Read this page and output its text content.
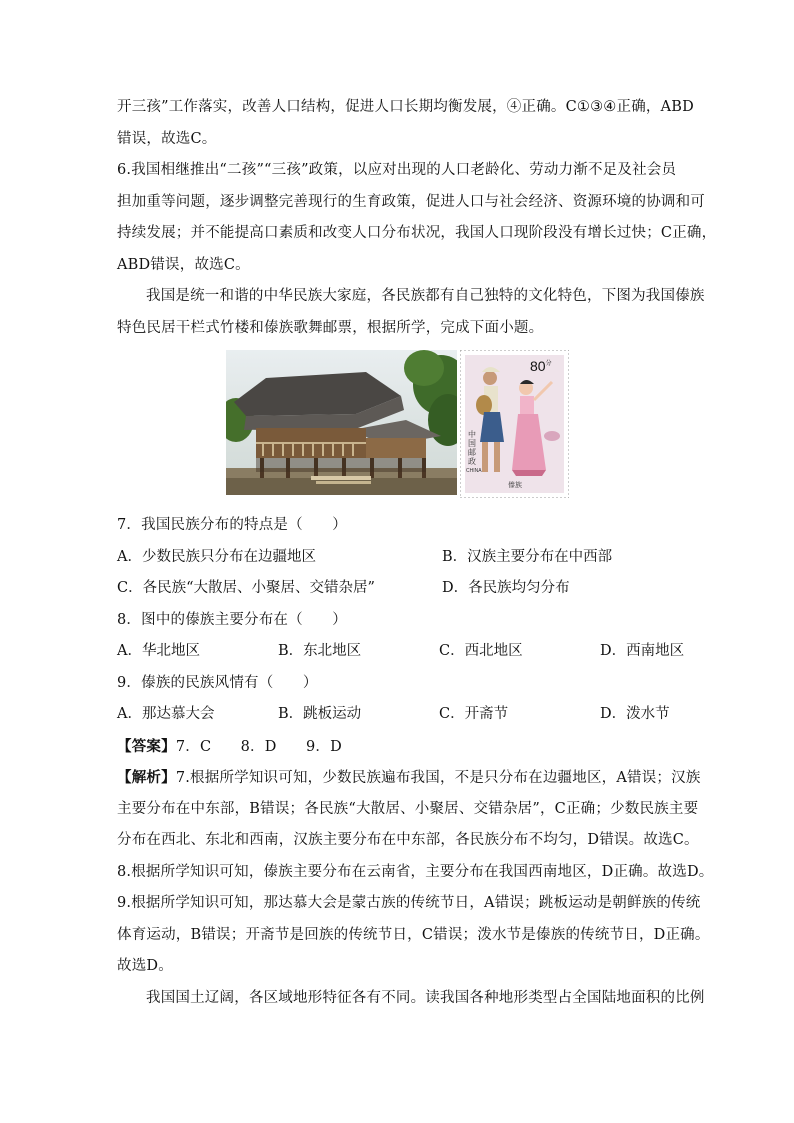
开三孩”工作落实，改善人口结构，促进人口长期均衡发展，④正确。C①③④正确，ABD
错误，故选C。
6.我国相继推出“二孩”“三孩”政策，以应对出现的人口老龄化、劳动力渐不足及社会员
担加重等问题，逐步调整完善现行的生育政策，促进人口与社会经济、资源环境的协调和可
持续发展；并不能提高口素质和改变人口分布状况，我国人口现阶段没有增长过快；C正确，
ABD错误，故选C。
我国是统一和谐的中华民族大家庭，各民族都有自己独特的文化特色，下图为我国傣族
特色民居干栏式竹楼和傣族歌舞邮票，根据所学，完成下面小题。
$80^分$
中国邮政
CHINA
傣族
7．我国民族分布的特点是（　　）
A．少数民族只分布在边疆地区	B．汉族主要分布在中西部
C．各民族“大散居、小聚居、交错杂居”	D．各民族均匀分布
8．图中的傣族主要分布在（　　）
A．华北地区	B．东北地区	C．西北地区	D．西南地区
9．傣族的民族风情有（　　）
A．那达慕大会	B．跳板运动	C．开斋节	D．泼水节
【答案】7．C　　8．D　　9．D
【解析】7.根据所学知识可知，少数民族遍布我国，不是只分布在边疆地区，A错误；汉族
主要分布在中东部，B错误；各民族“大散居、小聚居、交错杂居”，C正确；少数民族主要
分布在西北、东北和西南，汉族主要分布在中东部，各民族分布不均匀，D错误。故选C。
8.根据所学知识可知，傣族主要分布在云南省，主要分布在我国西南地区，D正确。故选D。
9.根据所学知识可知，那达慕大会是蒙古族的传统节日，A错误；跳板运动是朝鲜族的传统
体育运动，B错误；开斋节是回族的传统节日，C错误；泼水节是傣族的传统节日，D正确。
故选D。
我国国土辽阔，各区域地形特征各有不同。读我国各种地形类型占全国陆地面积的比例
